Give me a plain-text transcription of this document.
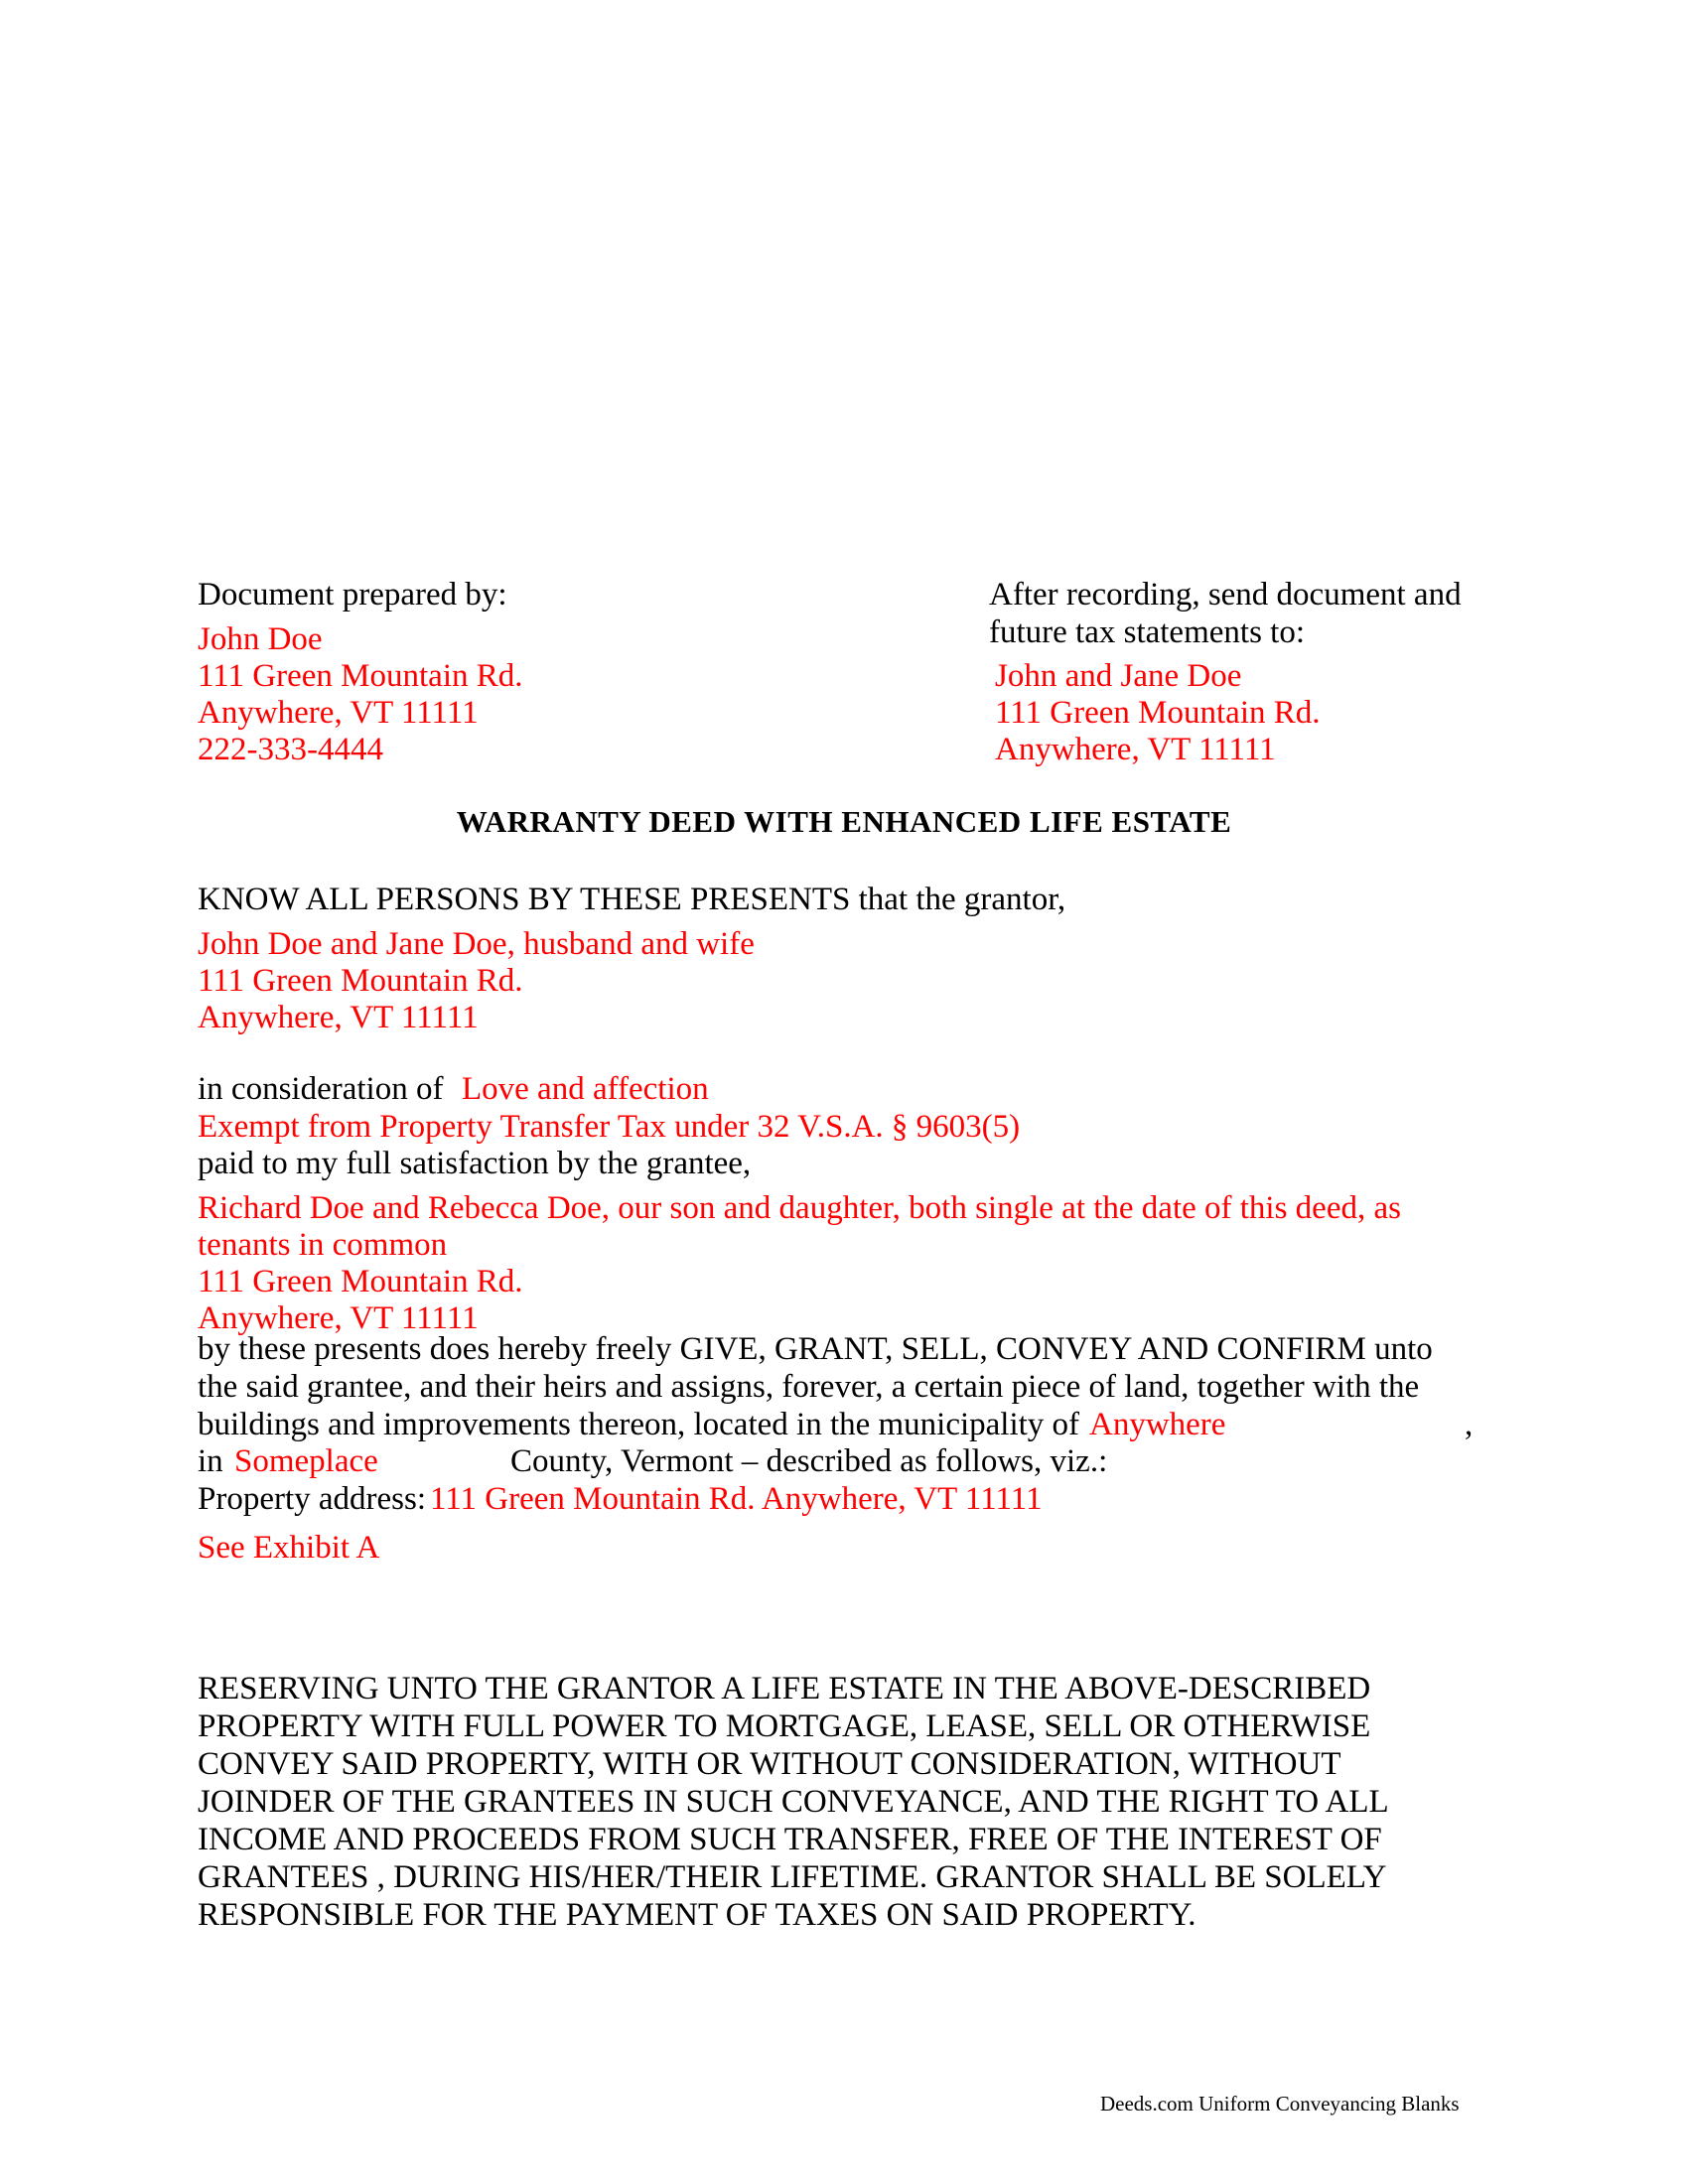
Document prepared by:
John Doe
111 Green Mountain Rd.
Anywhere, VT 11111
222-333-4444
After recording, send document and
future tax statements to:
John and Jane Doe
111 Green Mountain Rd.
Anywhere, VT 11111
WARRANTY DEED WITH ENHANCED LIFE ESTATE
KNOW ALL PERSONS BY THESE PRESENTS that the grantor,
John Doe and Jane Doe, husband and wife
111 Green Mountain Rd.
Anywhere, VT 11111
in consideration of Love and affection
Exempt from Property Transfer Tax under 32 V.S.A. § 9603(5)
paid to my full satisfaction by the grantee,
Richard Doe and Rebecca Doe, our son and daughter, both single at the date of this deed, as
tenants in common
111 Green Mountain Rd.
Anywhere, VT 11111
by these presents does hereby freely GIVE, GRANT, SELL, CONVEY AND CONFIRM unto
the said grantee, and their heirs and assigns, forever, a certain piece of land, together with the
buildings and improvements thereon, located in the municipality of Anywhere	,
in Someplace	County, Vermont – described as follows, viz.:
Property address: 111 Green Mountain Rd. Anywhere, VT 11111
See Exhibit A
RESERVING UNTO THE GRANTOR A LIFE ESTATE IN THE ABOVE-DESCRIBED
PROPERTY WITH FULL POWER TO MORTGAGE, LEASE, SELL OR OTHERWISE
CONVEY SAID PROPERTY, WITH OR WITHOUT CONSIDERATION, WITHOUT
JOINDER OF THE GRANTEES IN SUCH CONVEYANCE, AND THE RIGHT TO ALL
INCOME AND PROCEEDS FROM SUCH TRANSFER, FREE OF THE INTEREST OF
GRANTEES , DURING HIS/HER/THEIR LIFETIME. GRANTOR SHALL BE SOLELY
RESPONSIBLE FOR THE PAYMENT OF TAXES ON SAID PROPERTY.
Deeds.com Uniform Conveyancing Blanks
